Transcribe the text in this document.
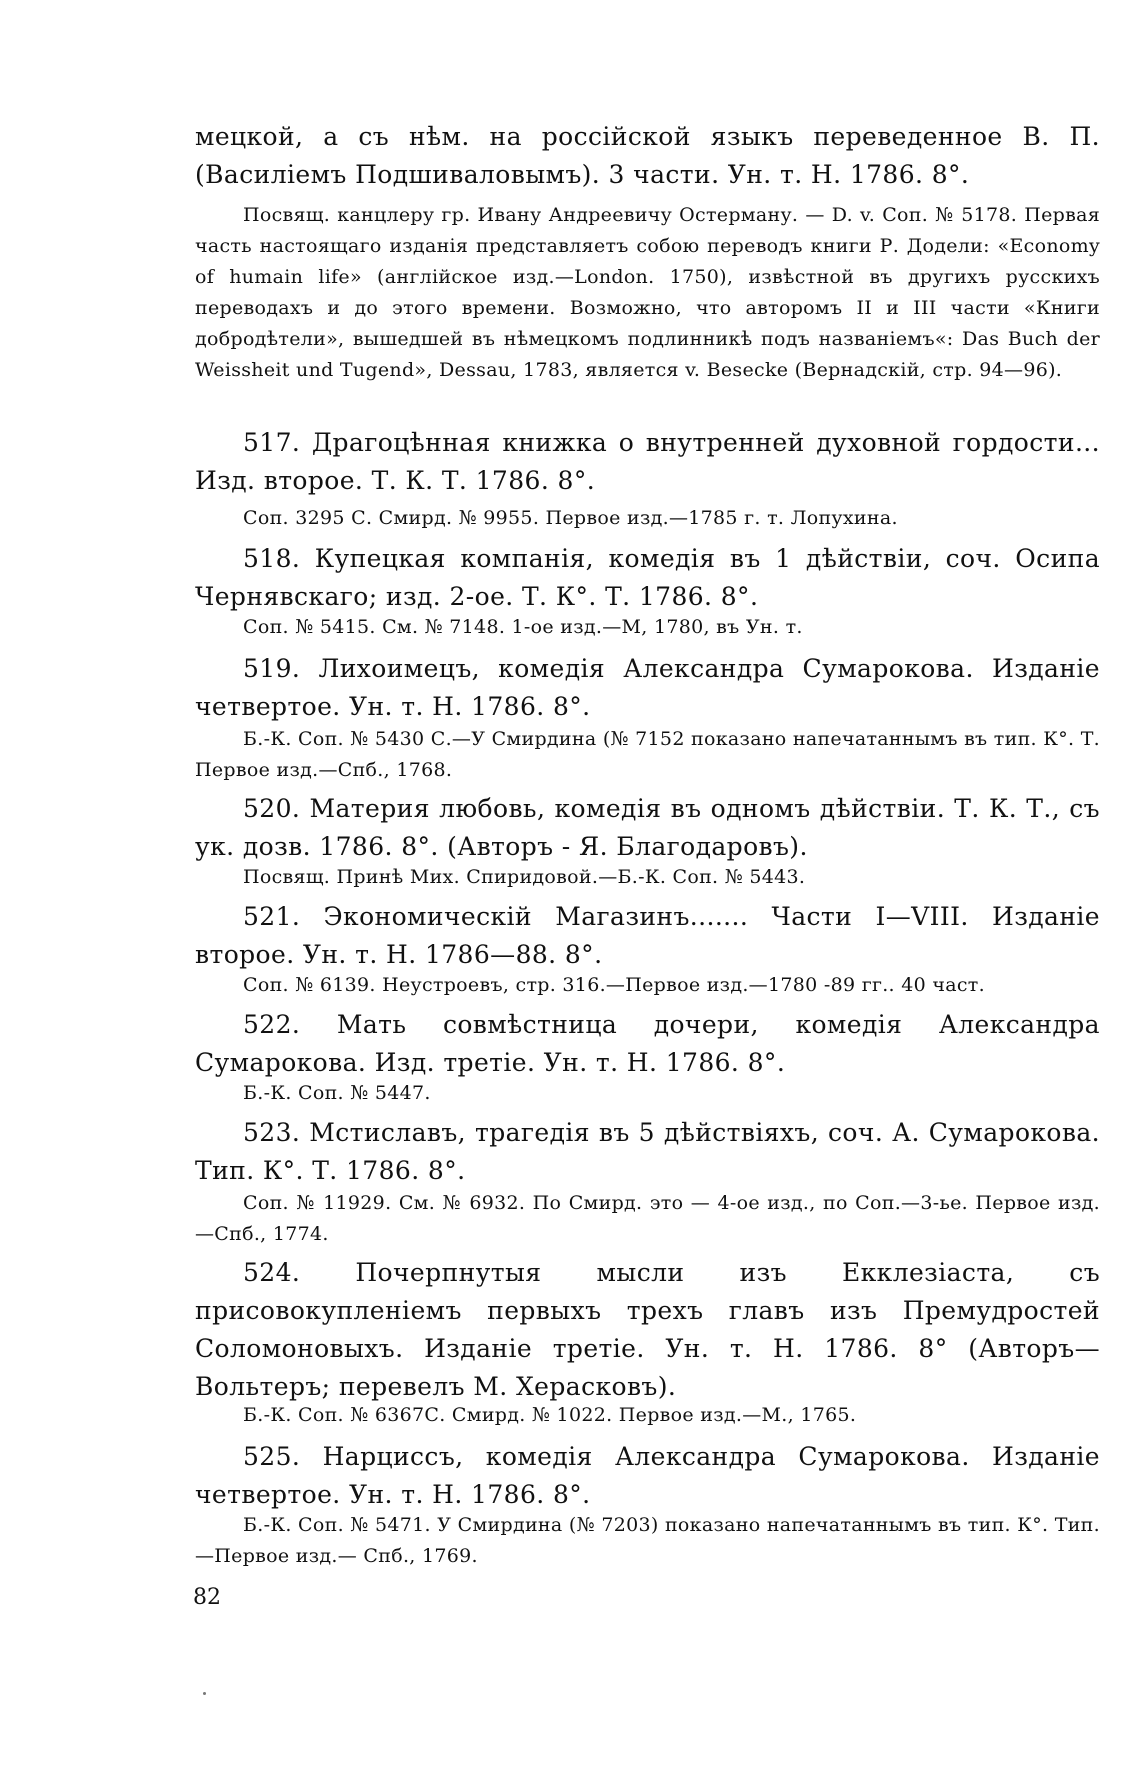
мецкой, а съ нѣм. на россійской языкъ переведенное В. П. (Василіемъ Подшиваловымъ). 3 части. Ун. т. Н. 1786. 8°.
Посвящ. канцлеру гр. Ивану Андреевичу Остерману. — D. v. Соп. № 5178. Первая часть настоящаго изданія представляетъ собою переводъ книги Р. Додели: «Economy of humain life» (англійское изд.—London. 1750), извѣстной въ другихъ русскихъ переводахъ и до этого времени. Возможно, что авторомъ II и III части «Книги добродѣтели», вышедшей въ нѣмецкомъ подлинникѣ подъ названіемъ«: Das Buch der Weissheit und Tugend», Dessau, 1783, является v. Besecke (Вернадскій, стр. 94—96).
517. Драгоцѣнная книжка о внутренней духовной гордости... Изд. второе. Т. К. Т. 1786. 8°.
Соп. 3295 С. Смирд. № 9955. Первое изд.—1785 г. т. Лопухина.
518. Купецкая компанія, комедія въ 1 дѣйствіи, соч. Осипа Чернявскаго; изд. 2-ое. Т. К°. Т. 1786. 8°.
Соп. № 5415. См. № 7148. 1-ое изд.—М, 1780, въ Ун. т.
519. Лихоимецъ, комедія Александра Сумарокова. Изданіе четвертое. Ун. т. Н. 1786. 8°.
Б.-К. Соп. № 5430 С.—У Смирдина (№ 7152 показано напечатаннымъ въ тип. К°. Т. Первое изд.—Спб., 1768.
520. Материя любовь, комедія въ одномъ дѣйствіи. Т. К. Т., съ ук. дозв. 1786. 8°. (Авторъ - Я. Благодаровъ).
Посвящ. Принѣ Мих. Спиридовой.—Б.-К. Соп. № 5443.
521. Экономическій Магазинъ....... Части I—VIII. Изданіе второе. Ун. т. Н. 1786—88. 8°.
Соп. № 6139. Неустроевъ, стр. 316.—Первое изд.—1780 -89 гг.. 40 част.
522. Мать совмѣстница дочери, комедія Александра Сумарокова. Изд. третіе. Ун. т. Н. 1786. 8°.
Б.-К. Соп. № 5447.
523. Мстиславъ, трагедія въ 5 дѣйствіяхъ, соч. А. Сумарокова. Тип. К°. Т. 1786. 8°.
Соп. № 11929. См. № 6932. По Смирд. это — 4-ое изд., по Соп.—3-ье. Первое изд.—Спб., 1774.
524. Почерпнутыя мысли изъ Екклезіаста, съ присовокупленіемъ первыхъ трехъ главъ изъ Премудростей Соломоновыхъ. Изданіе третіе. Ун. т. Н. 1786. 8° (Авторъ—Вольтеръ; перевелъ М. Херасковъ).
Б.-К. Соп. № 6367С. Смирд. № 1022. Первое изд.—М., 1765.
525. Нарциссъ, комедія Александра Сумарокова. Изданіе четвертое. Ун. т. Н. 1786. 8°.
Б.-К. Соп. № 5471. У Смирдина (№ 7203) показано напечатаннымъ въ тип. К°. Тип.—Первое изд.— Спб., 1769.
82
